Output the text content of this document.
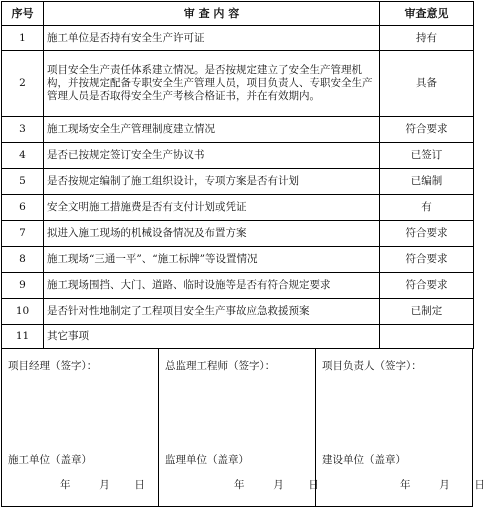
序号	审 查 内 容	审查意见
1	施工单位是否持有安全生产许可证	持有
2	项目安全生产责任体系建立情况。是否按规定建立了安全生产管理机构，并按规定配备专职安全生产管理人员，项目负责人、专职安全生产管理人员是否取得安全生产考核合格证书，并在有效期内。	具备
3	施工现场安全生产管理制度建立情况	符合要求
4	是否已按规定签订安全生产协议书	已签订
5	是否按规定编制了施工组织设计，专项方案是否有计划	已编制
6	安全文明施工措施费是否有支付计划或凭证	有
7	拟进入施工现场的机械设备情况及布置方案	符合要求
8	施工现场“三通一平”、“施工标牌”等设置情况	符合要求
9	施工现场围挡、大门、道路、临时设施等是否有符合规定要求	符合要求
10	是否针对性地制定了工程项目安全生产事故应急救援预案	已制定
11	其它事项	
项目经理（签字）：
施工单位（盖章）
年	月 日
总监理工程师（签字）：
监理单位（盖章）
年	月 日
项目负责人（签字）：
建设单位（盖章）
年	月 日
